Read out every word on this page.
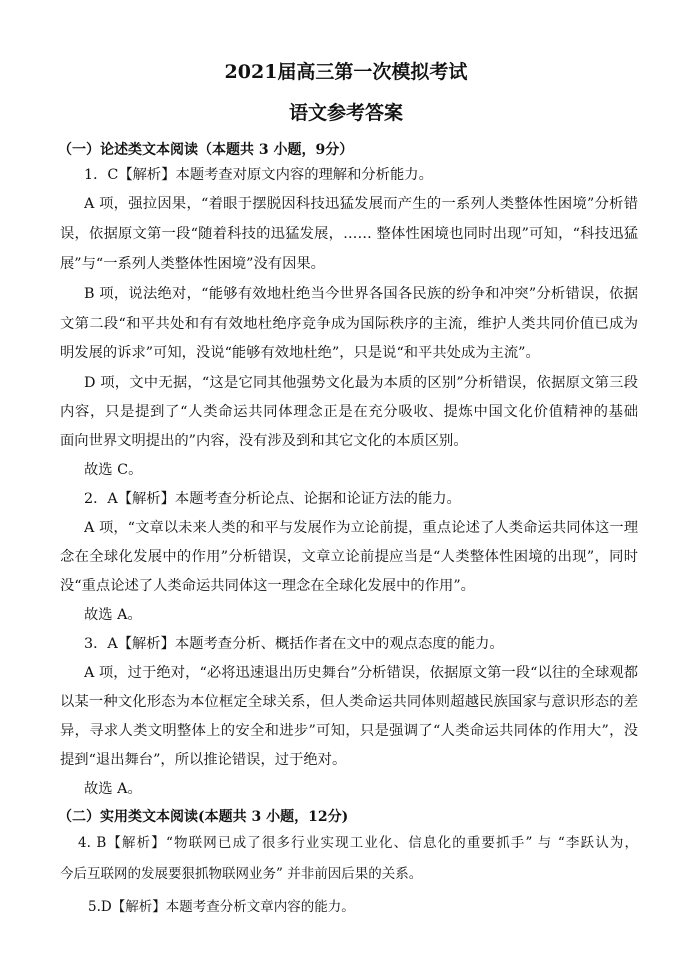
2021届高三第一次模拟考试
语文参考答案
（一）论述类文本阅读（本题共 3 小题，9分）
1．C【解析】本题考查对原文内容的理解和分析能力。
A 项，强拉因果，“着眼于摆脱因科技迅猛发展而产生的一系列人类整体性困境”分析错
误，依据原文第一段“随着科技的迅猛发展，…… 整体性困境也同时出现”可知，“科技迅猛
展”与“一系列人类整体性困境”没有因果。
B 项，说法绝对，“能够有效地杜绝当今世界各国各民族的纷争和冲突”分析错误，依据
文第二段“和平共处和有有效地杜绝序竞争成为国际秩序的主流，维护人类共同价值已成为
明发展的诉求”可知，没说“能够有效地杜绝”，只是说“和平共处成为主流”。
D 项，文中无据，“这是它同其他强势文化最为本质的区别”分析错误，依据原文第三段
内容，只是提到了“人类命运共同体理念正是在充分吸收、提炼中国文化价值精神的基础
面向世界文明提出的”内容，没有涉及到和其它文化的本质区别。
故选 C。
2．A【解析】本题考查分析论点、论据和论证方法的能力。
A 项，“文章以未来人类的和平与发展作为立论前提，重点论述了人类命运共同体这一理
念在全球化发展中的作用”分析错误，文章立论前提应当是“人类整体性困境的出现”，同时
没“重点论述了人类命运共同体这一理念在全球化发展中的作用”。
故选 A。
3．A【解析】本题考查分析、概括作者在文中的观点态度的能力。
A 项，过于绝对，“必将迅速退出历史舞台”分析错误，依据原文第一段“以往的全球观都
以某一种文化形态为本位框定全球关系，但人类命运共同体则超越民族国家与意识形态的差
异，寻求人类文明整体上的安全和进步”可知，只是强调了“人类命运共同体的作用大”，没
提到“退出舞台”，所以推论错误，过于绝对。
故选 A。
（二）实用类文本阅读(本题共 3 小题，12分)
4. B【解析】“物联网已成了很多行业实现工业化、信息化的重要抓手” 与 “李跃认为，
今后互联网的发展要狠抓物联网业务” 并非前因后果的关系。
5.D【解析】本题考查分析文章内容的能力。
